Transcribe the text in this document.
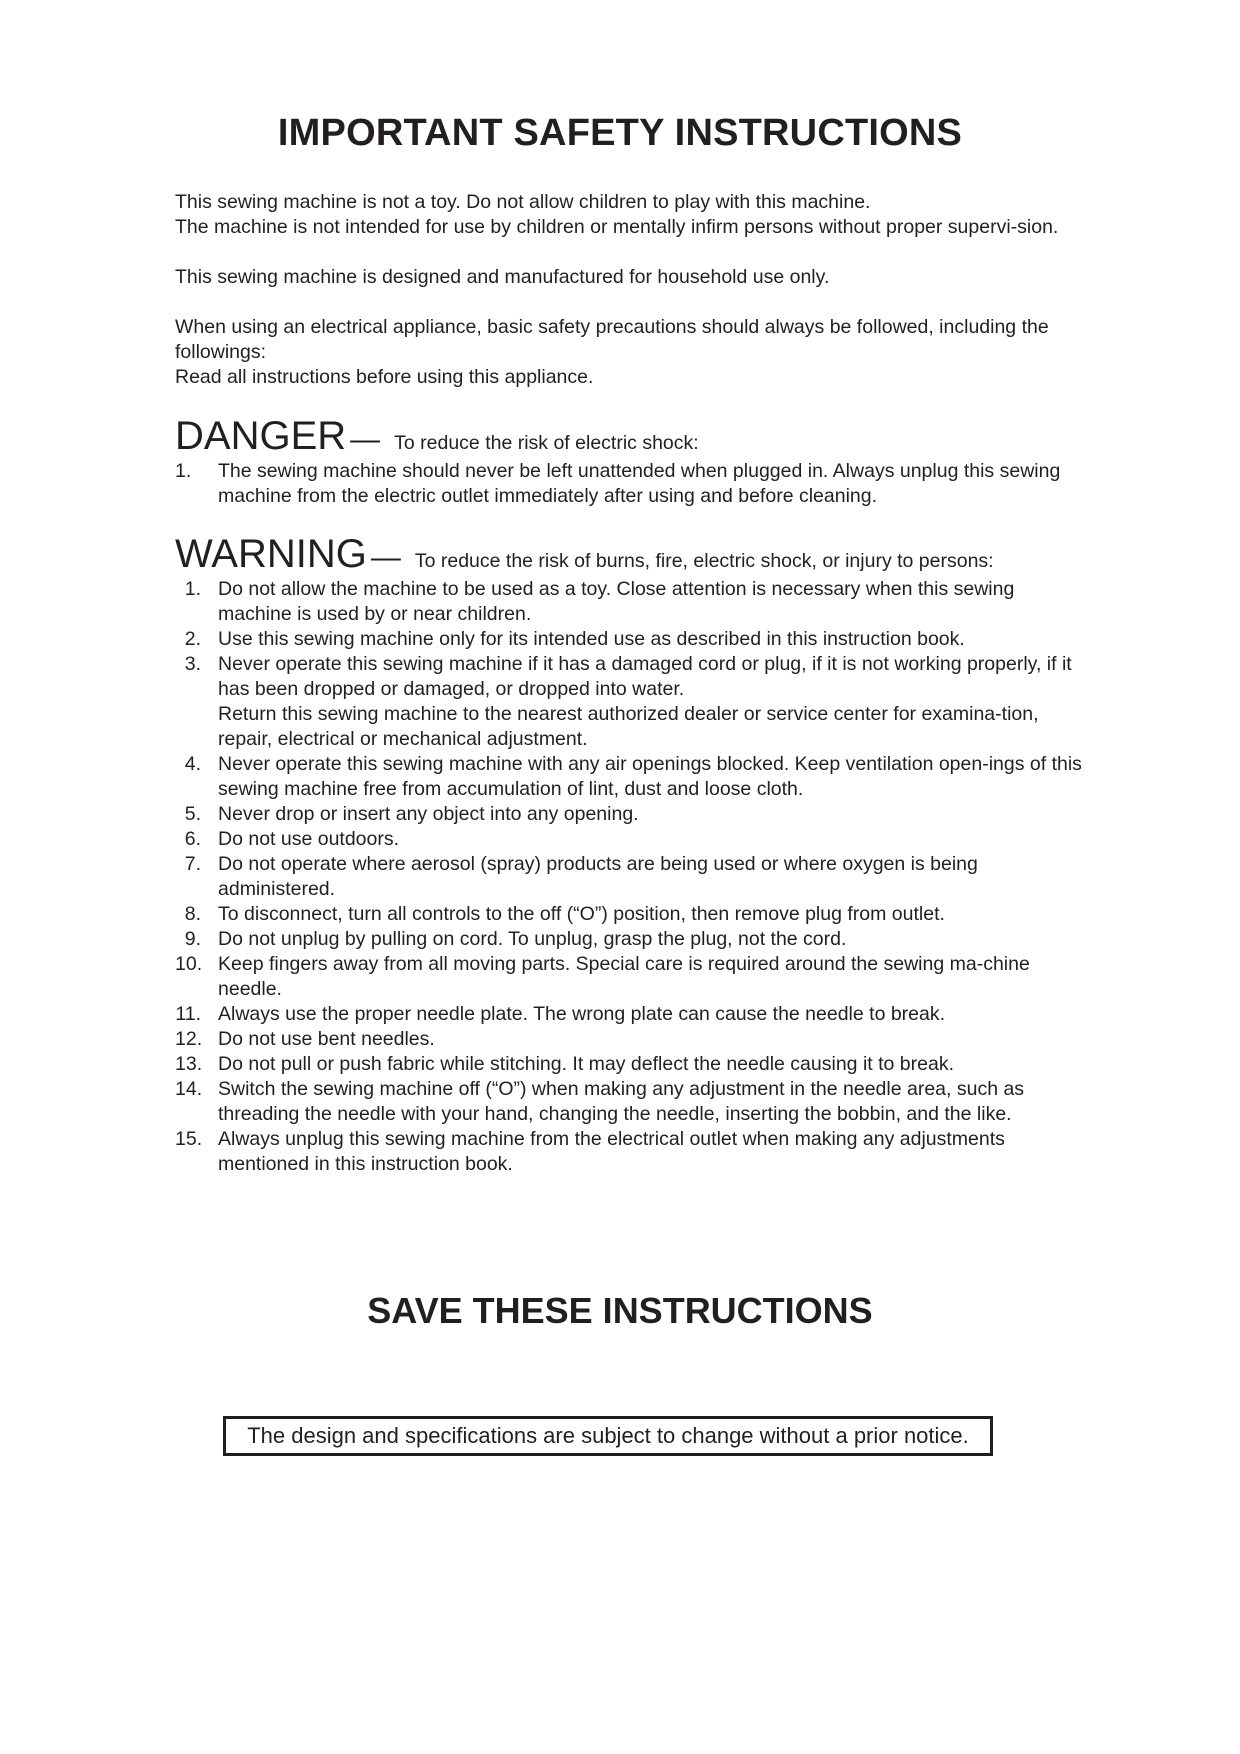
IMPORTANT SAFETY INSTRUCTIONS

This sewing machine is not a toy. Do not allow children to play with this machine.

The machine is not intended for use by children or mentally infirm persons without proper supervi-sion.

This sewing machine is designed and manufactured for household use only.

When using an electrical appliance, basic safety precautions should always be followed, including the followings:

Read all instructions before using this appliance.

DANGER — To reduce the risk of electric shock:
1.	The sewing machine should never be left unattended when plugged in. Always unplug this sewing machine from the electric outlet immediately after using and before cleaning.
WARNING — To reduce the risk of burns, fire, electric shock, or injury to persons:
1. Do not allow the machine to be used as a toy. Close attention is necessary when this sewing machine is used by or near children.
2. Use this sewing machine only for its intended use as described in this instruction book.
3. Never operate this sewing machine if it has a damaged cord or plug, if it is not working properly, if it has been dropped or damaged, or dropped into water.
Return this sewing machine to the nearest authorized dealer or service center for examina-tion, repair, electrical or mechanical adjustment.
4. Never operate this sewing machine with any air openings blocked. Keep ventilation open-ings of this sewing machine free from accumulation of lint, dust and loose cloth.
5. Never drop or insert any object into any opening.
6. Do not use outdoors.
7. Do not operate where aerosol (spray) products are being used or where oxygen is being administered.
8. To disconnect, turn all controls to the off (“O”) position, then remove plug from outlet.
9. Do not unplug by pulling on cord. To unplug, grasp the plug, not the cord.
10. Keep fingers away from all moving parts. Special care is required around the sewing ma-chine needle.
11. Always use the proper needle plate. The wrong plate can cause the needle to break.
12. Do not use bent needles.
13. Do not pull or push fabric while stitching. It may deflect the needle causing it to break.
14. Switch the sewing machine off (“O”) when making any adjustment in the needle area, such as threading the needle with your hand, changing the needle, inserting the bobbin, and the like.
15. Always unplug this sewing machine from the electrical outlet when making any adjustments mentioned in this instruction book.
SAVE THESE INSTRUCTIONS
The design and specifications are subject to change without a prior notice.
